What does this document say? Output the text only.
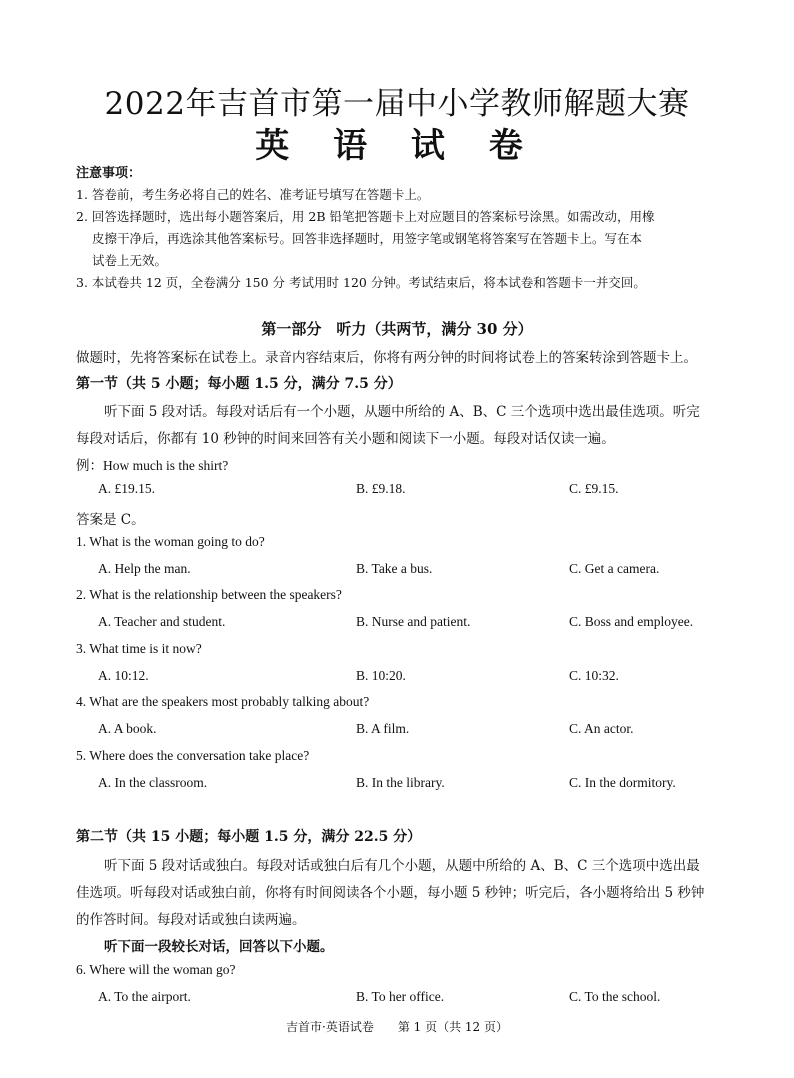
2022年吉首市第一届中小学教师解题大赛
英 语 试 卷
注意事项：
1. 答卷前，考生务必将自己的姓名、准考证号填写在答题卡上。
2. 回答选择题时，选出每小题答案后，用 2B 铅笔把答题卡上对应题目的答案标号涂黑。如需改动，用橡
皮擦干净后，再选涂其他答案标号。回答非选择题时，用签字笔或钢笔将答案写在答题卡上。写在本
试卷上无效。
3. 本试卷共 12 页，全卷满分 150 分 考试用时 120 分钟。考试结束后，将本试卷和答题卡一并交回。
第一部分　听力（共两节，满分 30 分）
做题时，先将答案标在试卷上。录音内容结束后，你将有两分钟的时间将试卷上的答案转涂到答题卡上。
第一节（共 5 小题；每小题 1.5 分，满分 7.5 分）
听下面 5 段对话。每段对话后有一个小题，从题中所给的 A、B、C 三个选项中选出最佳选项。听完
每段对话后，你都有 10 秒钟的时间来回答有关小题和阅读下一小题。每段对话仅读一遍。
例：How much is the shirt?
A. £19.15.	B. £9.18.	C. £9.15.
答案是 C。
1. What is the woman going to do?
A. Help the man.	B. Take a bus.	C. Get a camera.
2. What is the relationship between the speakers?
A. Teacher and student.	B. Nurse and patient.	C. Boss and employee.
3. What time is it now?
A. 10:12.	B. 10:20.	C. 10:32.
4. What are the speakers most probably talking about?
A. A book.	B. A film.	C. An actor.
5. Where does the conversation take place?
A. In the classroom.	B. In the library.	C. In the dormitory.
第二节（共 15 小题；每小题 1.5 分，满分 22.5 分）
听下面 5 段对话或独白。每段对话或独白后有几个小题，从题中所给的 A、B、C 三个选项中选出最
佳选项。听每段对话或独白前，你将有时间阅读各个小题，每小题 5 秒钟；听完后，各小题将给出 5 秒钟
的作答时间。每段对话或独白读两遍。
听下面一段较长对话，回答以下小题。
6. Where will the woman go?
A. To the airport.	B. To her office.	C. To the school.
吉首市·英语试卷　　第 1 页（共 12 页）
